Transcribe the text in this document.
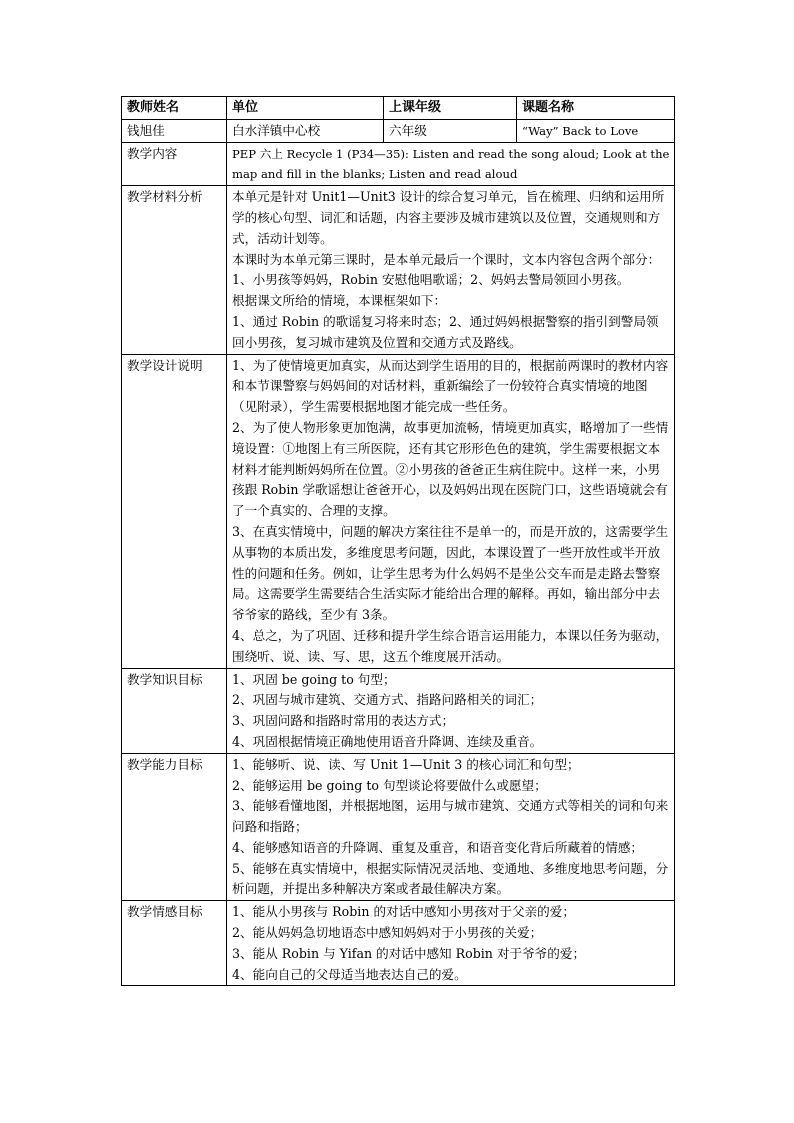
教师姓名	单位	上课年级	课题名称
钱旭佳	白水洋镇中心校	六年级	“Way” Back to Love
教学内容	PEP 六上 Recycle 1 (P34—35): Listen and read the song aloud; Look at the map and fill in the blanks; Listen and read aloud		

教学材料分析	本单元是针对 Unit1—Unit3 设计的综合复习单元，旨在梳理、归纳和运用所学的核心句型、词汇和话题，内容主要涉及城市建筑以及位置，交通规则和方式，活动计划等。

本课时为本单元第三课时，是本单元最后一个课时，文本内容包含两个部分：1、小男孩等妈妈，Robin 安慰他唱歌谣；2、妈妈去警局领回小男孩。

根据课文所给的情境，本课框架如下：

1、通过 Robin 的歌谣复习将来时态；2、通过妈妈根据警察的指引到警局领回小男孩，复习城市建筑及位置和交通方式及路线。		

教学设计说明	1、为了使情境更加真实，从而达到学生语用的目的，根据前两课时的教材内容和本节课警察与妈妈间的对话材料，重新编绘了一份较符合真实情境的地图（见附录），学生需要根据地图才能完成一些任务。

2、为了使人物形象更加饱满，故事更加流畅，情境更加真实，略增加了一些情境设置：①地图上有三所医院，还有其它形形色色的建筑，学生需要根据文本材料才能判断妈妈所在位置。②小男孩的爸爸正生病住院中。这样一来，小男孩跟 Robin 学歌谣想让爸爸开心，以及妈妈出现在医院门口，这些语境就会有了一个真实的、合理的支撑。

3、在真实情境中，问题的解决方案往往不是单一的，而是开放的，这需要学生从事物的本质出发，多维度思考问题，因此，本课设置了一些开放性或半开放性的问题和任务。例如，让学生思考为什么妈妈不是坐公交车而是走路去警察局。这需要学生需要结合生活实际才能给出合理的解释。再如，输出部分中去爷爷家的路线，至少有 3条。

4、总之，为了巩固、迁移和提升学生综合语言运用能力，本课以任务为驱动，围绕听、说、读、写、思，这五个维度展开活动。		

教学知识目标	1、巩固 be going to 句型；

2、巩固与城市建筑、交通方式、指路问路相关的词汇；

3、巩固问路和指路时常用的表达方式；

4、巩固根据情境正确地使用语音升降调、连续及重音。		

教学能力目标	1、能够听、说、读、写 Unit 1—Unit 3 的核心词汇和句型；

2、能够运用 be going to 句型谈论将要做什么或愿望；

3、能够看懂地图，并根据地图，运用与城市建筑、交通方式等相关的词和句来问路和指路；

4、能够感知语音的升降调、重复及重音，和语音变化背后所藏着的情感；

5、能够在真实情境中，根据实际情况灵活地、变通地、多维度地思考问题，分析问题，并提出多种解决方案或者最佳解决方案。		

教学情感目标	1、能从小男孩与 Robin 的对话中感知小男孩对于父亲的爱；

2、能从妈妈急切地语态中感知妈妈对于小男孩的关爱；

3、能从 Robin 与 Yifan 的对话中感知 Robin 对于爷爷的爱；

4、能向自己的父母适当地表达自己的爱。		
